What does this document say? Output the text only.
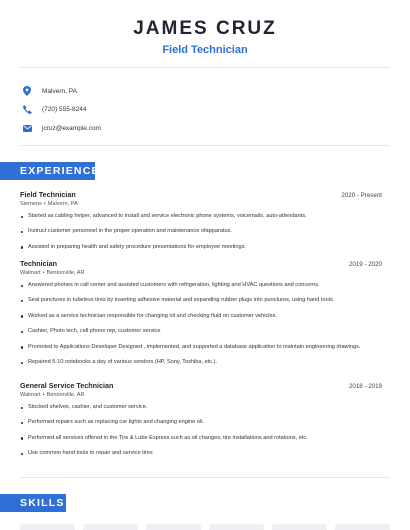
JAMES CRUZ
Field Technician
Malvern, PA
(720) 555-8244
jcruz@example.com
EXPERIENCE
Field Technician	2020 - Present
Siemens • Malvern, PA
Started as cabling helper, advanced to install and service electronic phone systems, voicemails, auto-attendants.
Instruct customer personnel in the proper operation and maintenance ofapparatus.
Assisted in preparing health and safety procedure presentations for employee meetings.
Technician	2019 - 2020
Walmart • Bentonville, AR
Answered phones in call center and assisted customers with refrigeration, lighting and HVAC questions and concerns.
Seal punctures in tubeless tires by inserting adhesive material and expanding rubber plugs into punctures, using hand tools.
Worked as a service technician responsible for changing oil and checking fluid on customer vehicles.
Cashier, Photo tech, cell phone rep, customer service
Promoted to Applications Developer Designed , implemented, and supported a database application to maintain engineering drawings.
Repaired 5-10 notebooks a day of various vendors (HP, Sony, Toshiba, etc.).
General Service Technician	2018 - 2019
Walmart • Bentonville, AR
Stocked shelves, cashier, and customer service.
Performed repairs such as replacing car lights and changing engine oil.
Performed all services offered in the Tire & Lube Express such as oil changes, tire installations and rotations, etc.
Use common hand tools to repair and service tires
SKILLS
